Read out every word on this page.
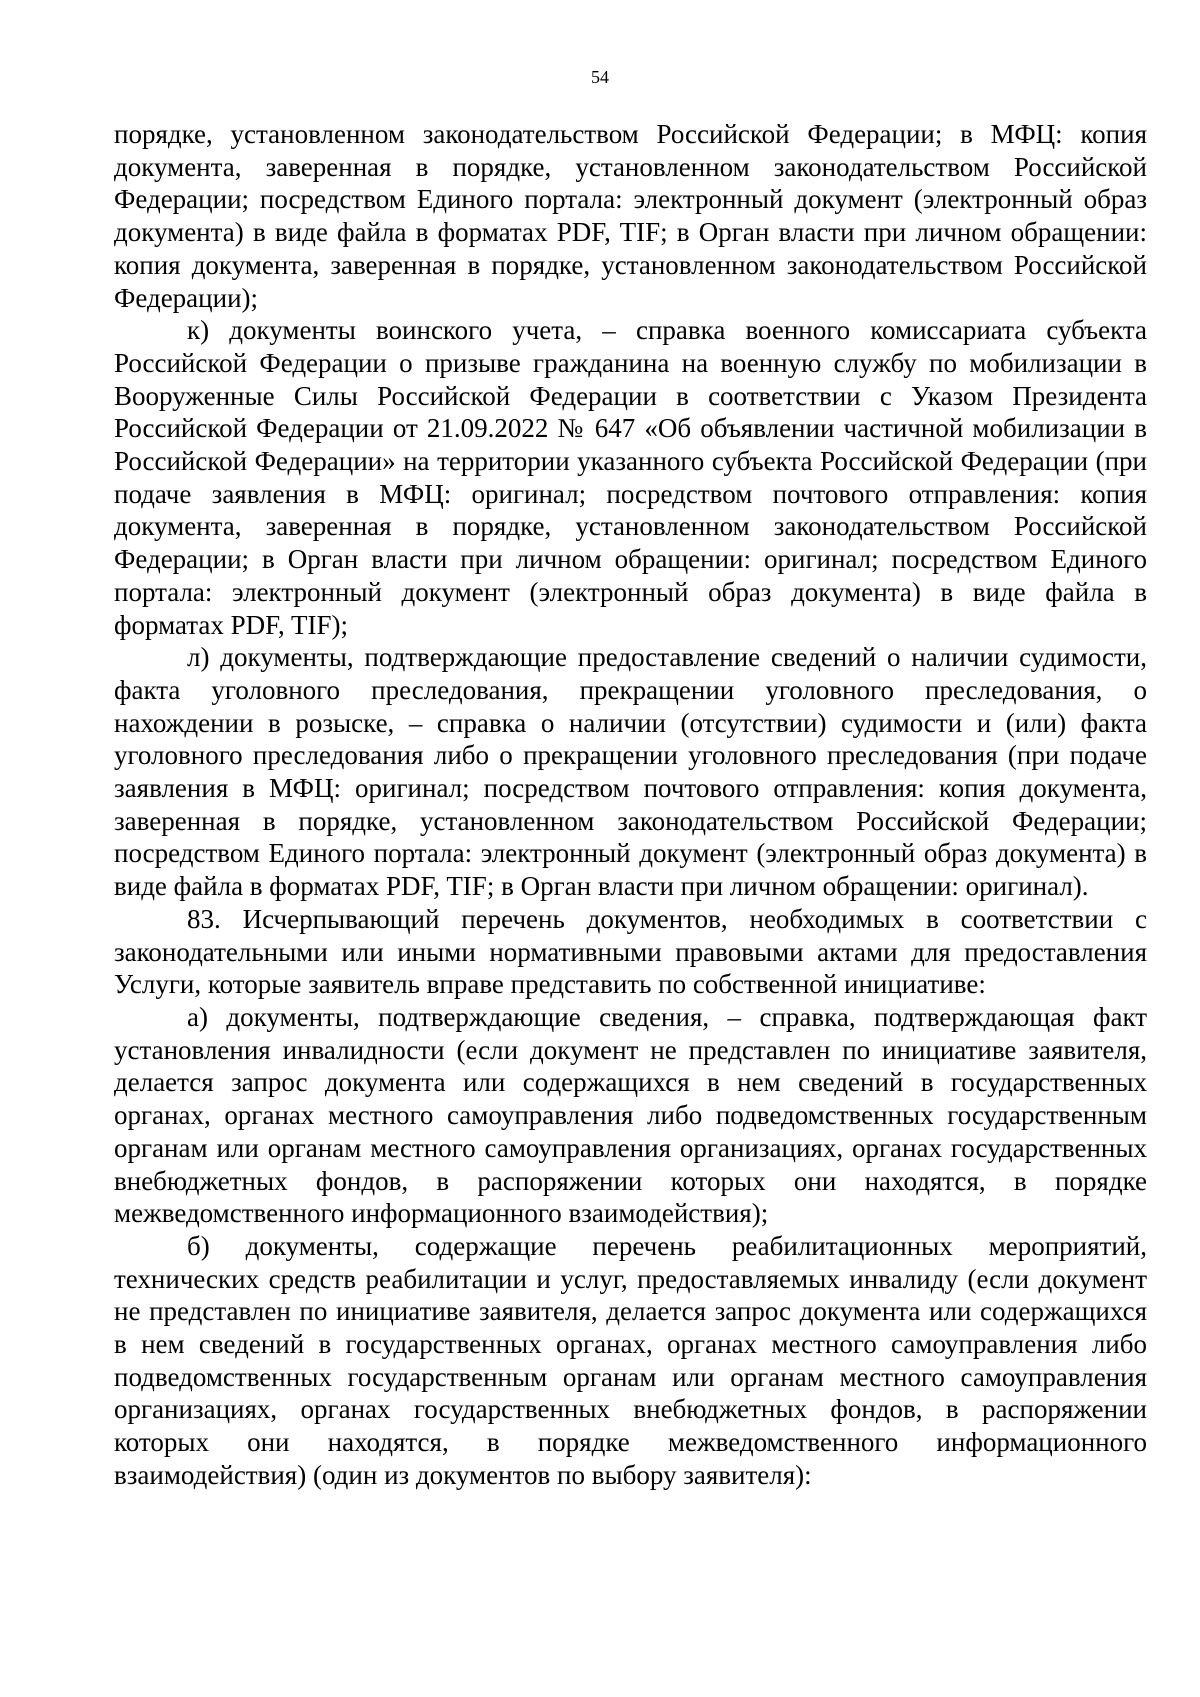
54

порядке, установленном законодательством Российской Федерации; в МФЦ: копия документа, заверенная в порядке, установленном законодательством Российской Федерации; посредством Единого портала: электронный документ (электронный образ документа) в виде файла в форматах PDF, TIF; в Орган власти при личном обращении: копия документа, заверенная в порядке, установленном законодательством Российской Федерации);

к) документы воинского учета, – справка военного комиссариата субъекта Российской Федерации о призыве гражданина на военную службу по мобилизации в Вооруженные Силы Российской Федерации в соответствии с Указом Президента Российской Федерации от 21.09.2022 № 647 «Об объявлении частичной мобилизации в Российской Федерации» на территории указанного субъекта Российской Федерации (при подаче заявления в МФЦ: оригинал; посредством почтового отправления: копия документа, заверенная в порядке, установленном законодательством Российской Федерации; в Орган власти при личном обращении: оригинал; посредством Единого портала: электронный документ (электронный образ документа) в виде файла в форматах PDF, TIF);

л) документы, подтверждающие предоставление сведений о наличии судимости, факта уголовного преследования, прекращении уголовного преследования, о нахождении в розыске, – справка о наличии (отсутствии) судимости и (или) факта уголовного преследования либо о прекращении уголовного преследования (при подаче заявления в МФЦ: оригинал; посредством почтового отправления: копия документа, заверенная в порядке, установленном законодательством Российской Федерации; посредством Единого портала: электронный документ (электронный образ документа) в виде файла в форматах PDF, TIF; в Орган власти при личном обращении: оригинал).

83. Исчерпывающий перечень документов, необходимых в соответствии с законодательными или иными нормативными правовыми актами для предоставления Услуги, которые заявитель вправе представить по собственной инициативе:

а) документы, подтверждающие сведения, – справка, подтверждающая факт установления инвалидности (если документ не представлен по инициативе заявителя, делается запрос документа или содержащихся в нем сведений в государственных органах, органах местного самоуправления либо подведомственных государственным органам или органам местного самоуправления организациях, органах государственных внебюджетных фондов, в распоряжении которых они находятся, в порядке межведомственного информационного взаимодействия);

б) документы, содержащие перечень реабилитационных мероприятий, технических средств реабилитации и услуг, предоставляемых инвалиду (если документ не представлен по инициативе заявителя, делается запрос документа или содержащихся в нем сведений в государственных органах, органах местного самоуправления либо подведомственных государственным органам или органам местного самоуправления организациях, органах государственных внебюджетных фондов, в распоряжении которых они находятся, в порядке межведомственного информационного взаимодействия) (один из документов по выбору заявителя):
